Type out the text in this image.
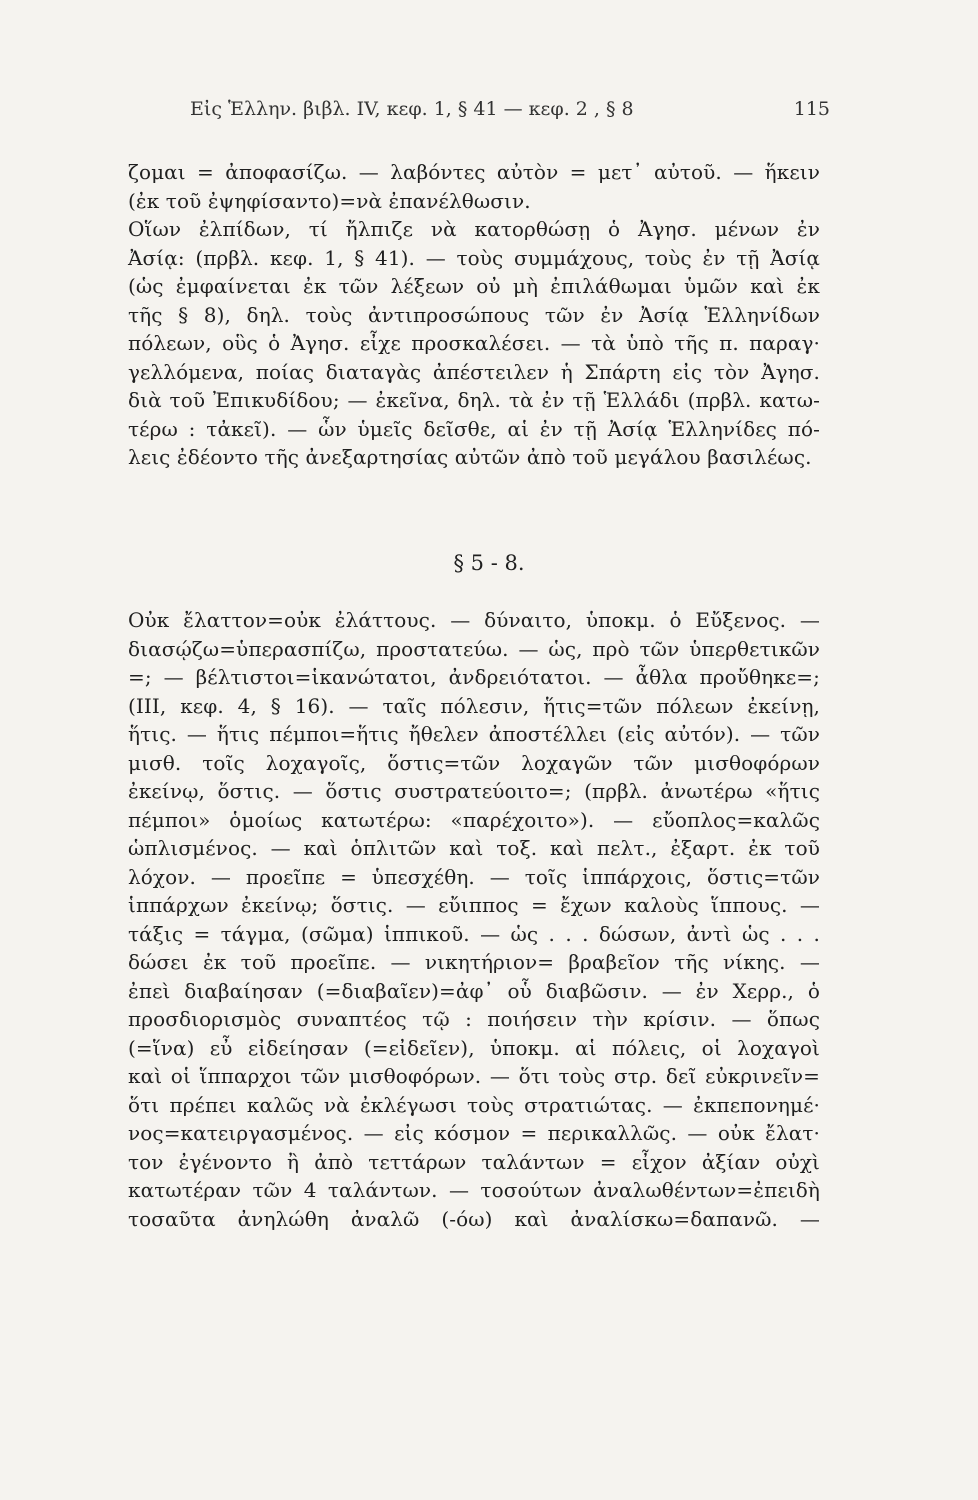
Εἰς Ἑλλην. βιβλ. IV, κεφ. 1, § 41 — κεφ. 2 , § 8	115
ζομαι = ἀποφασίζω. — λαβόντες αὐτὸν = μετ᾽ αὐτοῦ. — ἥκειν
(ἐκ τοῦ ἐψηφίσαντο)=νὰ ἐπανέλθωσιν.
Οἵων ἐλπίδων, τί ἤλπιζε νὰ κατορθώσῃ ὁ Ἀγησ. μένων ἐν
Ἀσίᾳ: (πρβλ. κεφ. 1, § 41). — τοὺς συμμάχους, τοὺς ἐν τῇ Ἀσίᾳ
(ὡς ἐμφαίνεται ἐκ τῶν λέξεων οὐ μὴ ἐπιλάθωμαι ὑμῶν καὶ ἐκ
τῆς § 8), δηλ. τοὺς ἀντιπροσώπους τῶν ἐν Ἀσίᾳ Ἑλληνίδων
πόλεων, οὓς ὁ Ἀγησ. εἶχε προσκαλέσει. — τὰ ὑπὸ τῆς π. παραγ·
γελλόμενα, ποίας διαταγὰς ἀπέστειλεν ἡ Σπάρτη εἰς τὸν Ἀγησ.
διὰ τοῦ Ἐπικυδίδου; — ἐκεῖνα, δηλ. τὰ ἐν τῇ Ἑλλάδι (πρβλ. κατω-
τέρω : τἀκεῖ). — ὧν ὑμεῖς δεῖσθε, αἱ ἐν τῇ Ἀσίᾳ Ἑλληνίδες πό-
λεις ἐδέοντο τῆς ἀνεξαρτησίας αὐτῶν ἀπὸ τοῦ μεγάλου βασιλέως.
§ 5 - 8.
Οὐκ ἔλαττον=οὐκ ἐλάττους. — δύναιτο, ὑποκμ. ὁ Εὔξενος. —
διασῴζω=ὑπερασπίζω, προστατεύω. — ὡς, πρὸ τῶν ὑπερθετικῶν
=; — βέλτιστοι=ἱκανώτατοι, ἀνδρειότατοι. — ἆθλα προὔθηκε=;
(ΙΙΙ, κεφ. 4, § 16). — ταῖς πόλεσιν, ἥτις=τῶν πόλεων ἐκείνῃ,
ἥτις. — ἥτις πέμποι=ἥτις ἤθελεν ἀποστέλλει (εἰς αὐτόν). — τῶν
μισθ. τοῖς λοχαγοῖς, ὅστις=τῶν λοχαγῶν τῶν μισθοφόρων
ἐκείνῳ, ὅστις. — ὅστις συστρατεύοιτο=; (πρβλ. ἀνωτέρω «ἥτις
πέμποι» ὁμοίως κατωτέρω: «παρέχοιτο»). — εὔοπλος=καλῶς
ὡπλισμένος. — καὶ ὁπλιτῶν καὶ τοξ. καὶ πελτ., ἐξαρτ. ἐκ τοῦ
λόχον. — προεῖπε = ὑπεσχέθη. — τοῖς ἱππάρχοις, ὅστις=τῶν
ἱππάρχων ἐκείνῳ; ὅστις. — εὔιππος = ἔχων καλοὺς ἵππους. —
τάξις = τάγμα, (σῶμα) ἱππικοῦ. — ὡς . . . δώσων, ἀντὶ ὡς . . .
δώσει ἐκ τοῦ προεῖπε. — νικητήριον= βραβεῖον τῆς νίκης. —
ἐπεὶ διαβαίησαν (=διαβαῖεν)=ἀφ᾽ οὗ διαβῶσιν. — ἐν Χερρ., ὁ
προσδιορισμὸς συναπτέος τῷ : ποιήσειν τὴν κρίσιν. — ὅπως
(=ἵνα) εὖ εἰδείησαν (=εἰδεῖεν), ὑποκμ. αἱ πόλεις, οἱ λοχαγοὶ
καὶ οἱ ἵππαρχοι τῶν μισθοφόρων. — ὅτι τοὺς στρ. δεῖ εὐκρινεῖν=
ὅτι πρέπει καλῶς νὰ ἐκλέγωσι τοὺς στρατιώτας. — ἐκπεπονημέ·
νος=κατειργασμένος. — εἰς κόσμον = περικαλλῶς. — οὐκ ἔλατ·
τον ἐγένοντο ἢ ἀπὸ τεττάρων ταλάντων = εἶχον ἀξίαν οὐχὶ
κατωτέραν τῶν 4 ταλάντων. — τοσούτων ἀναλωθέντων=ἐπειδὴ
τοσαῦτα ἀνηλώθη ἀναλῶ (-όω) καὶ ἀναλίσκω=δαπανῶ. —
